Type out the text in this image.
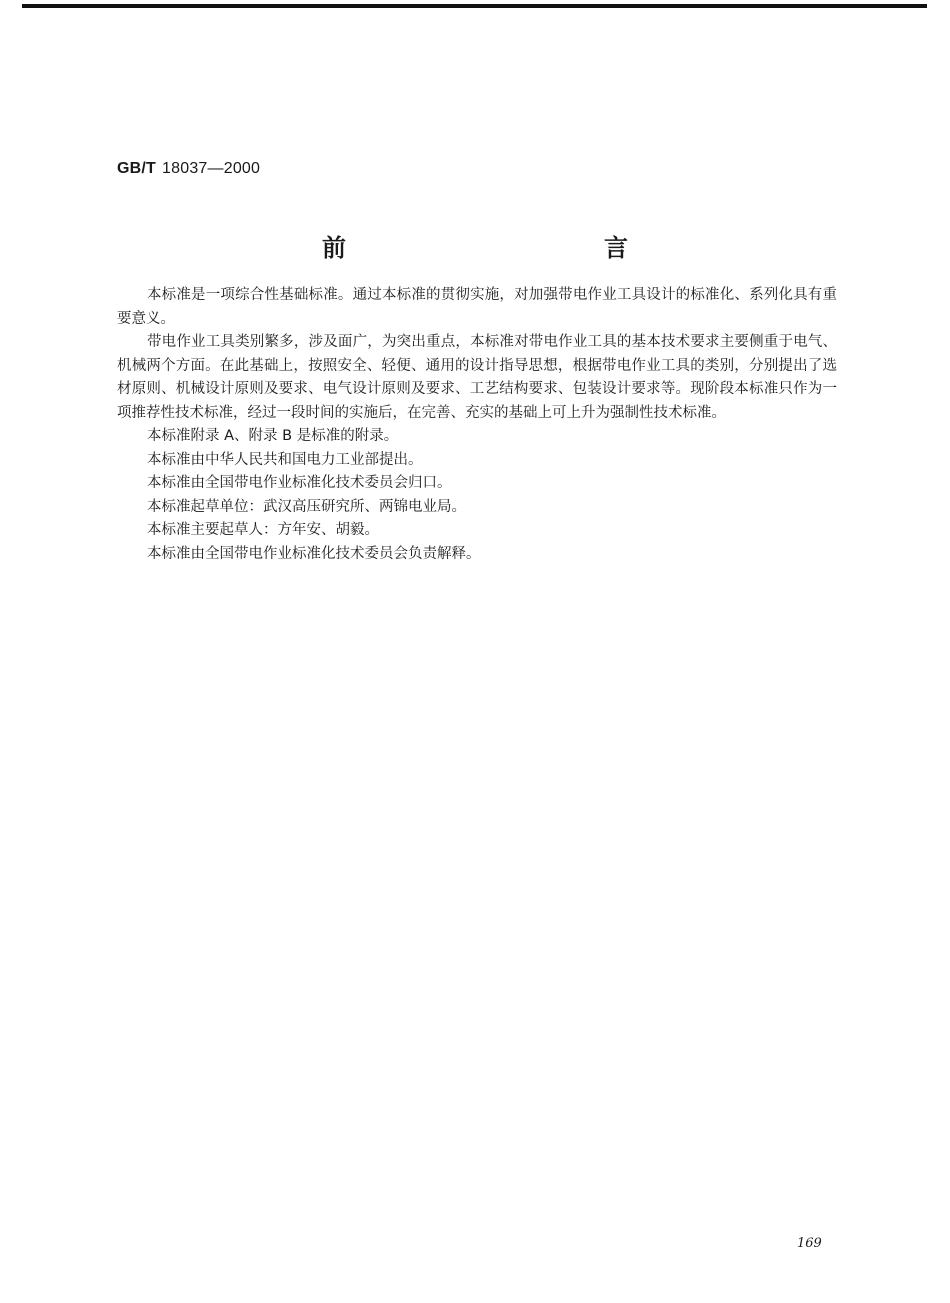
GB/T 18037—2000
前　　言

本标准是一项综合性基础标准。通过本标准的贯彻实施，对加强带电作业工具设计的标准化、系列化具有重要意义。

带电作业工具类别繁多，涉及面广，为突出重点，本标准对带电作业工具的基本技术要求主要侧重于电气、机械两个方面。在此基础上，按照安全、轻便、通用的设计指导思想，根据带电作业工具的类别，分别提出了选材原则、机械设计原则及要求、电气设计原则及要求、工艺结构要求、包装设计要求等。现阶段本标准只作为一项推荐性技术标准，经过一段时间的实施后，在完善、充实的基础上可上升为强制性技术标准。

本标准附录 A、附录 B 是标准的附录。

本标准由中华人民共和国电力工业部提出。

本标准由全国带电作业标准化技术委员会归口。

本标准起草单位：武汉高压研究所、两锦电业局。

本标准主要起草人：方年安、胡毅。

本标准由全国带电作业标准化技术委员会负责解释。

169
